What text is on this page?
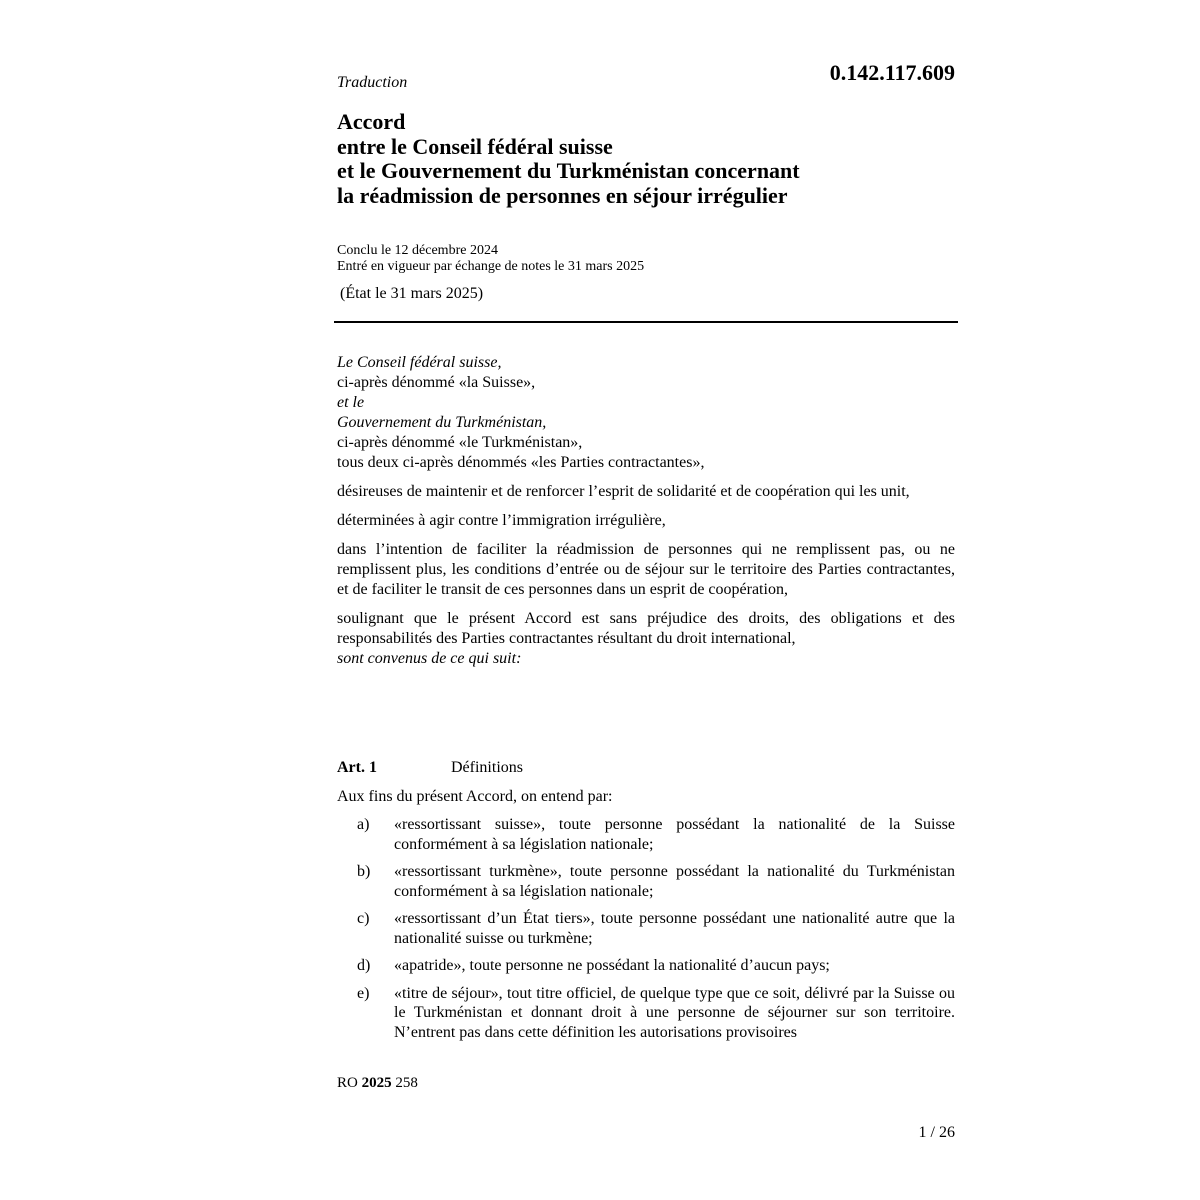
Traduction	0.142.117.609
Accord
entre le Conseil fédéral suisse
et le Gouvernement du Turkménistan concernant
la réadmission de personnes en séjour irrégulier
Conclu le 12 décembre 2024
Entré en vigueur par échange de notes le 31 mars 2025
(État le 31 mars 2025)
Le Conseil fédéral suisse,
ci-après dénommé «la Suisse»,
et le
Gouvernement du Turkménistan,
ci-après dénommé «le Turkménistan»,
tous deux ci-après dénommés «les Parties contractantes»,
désireuses de maintenir et de renforcer l’esprit de solidarité et de coopération qui les unit,
déterminées à agir contre l’immigration irrégulière,
dans l’intention de faciliter la réadmission de personnes qui ne remplissent pas, ou ne remplissent plus, les conditions d’entrée ou de séjour sur le territoire des Parties contractantes, et de faciliter le transit de ces personnes dans un esprit de coopération,
soulignant que le présent Accord est sans préjudice des droits, des obligations et des responsabilités des Parties contractantes résultant du droit international,
sont convenus de ce qui suit:
Art. 1	Définitions
Aux fins du présent Accord, on entend par:
a) «ressortissant suisse», toute personne possédant la nationalité de la Suisse conformément à sa législation nationale;
b) «ressortissant turkmène», toute personne possédant la nationalité du Turkménistan conformément à sa législation nationale;
c) «ressortissant d’un État tiers», toute personne possédant une nationalité autre que la nationalité suisse ou turkmène;
d) «apatride», toute personne ne possédant la nationalité d’aucun pays;
e) «titre de séjour», tout titre officiel, de quelque type que ce soit, délivré par la Suisse ou le Turkménistan et donnant droit à une personne de séjourner sur son territoire. N’entrent pas dans cette définition les autorisations provisoires
RO 2025 258
1 / 26
